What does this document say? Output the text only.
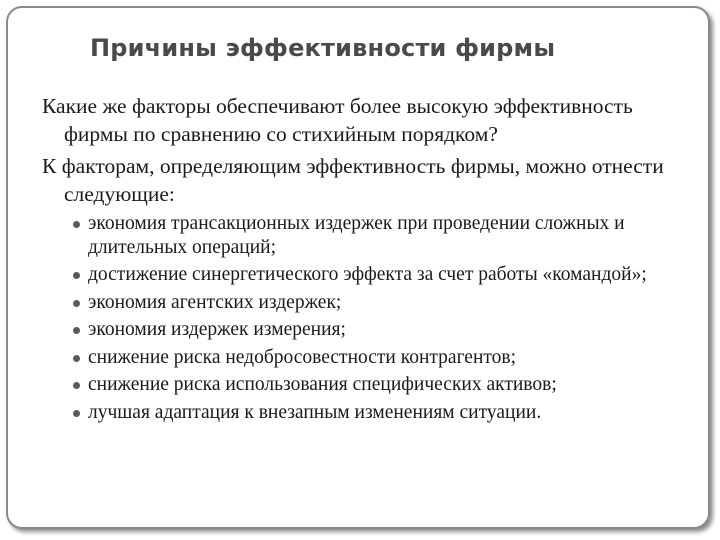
Причины эффективности фирмы

Какие же факторы обеспечивают более высокую эффективность фирмы по сравнению со стихийным порядком?

К факторам, определяющим эффективность фирмы, можно отнести следующие:

экономия трансакционных издержек при проведении сложных и длительных операций;
достижение синергетического эффекта за счет работы «командой»;
экономия агентских издержек;
экономия издержек измерения;
снижение риска недобросовестности контрагентов;
снижение риска использования специфических активов;
лучшая адаптация к внезапным изменениям ситуации.
